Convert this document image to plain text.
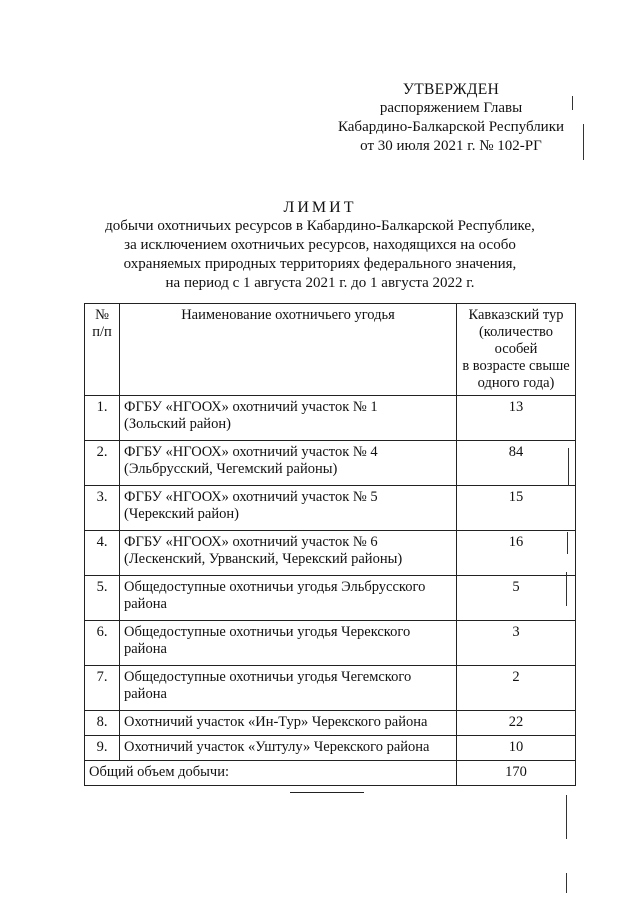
УТВЕРЖДЕН
распоряжением Главы
Кабардино-Балкарской Республики
от 30 июля 2021 г. № 102-РГ
ЛИМИТ
добычи охотничьих ресурсов в Кабардино-Балкарской Республике,
за исключением охотничьих ресурсов, находящихся на особо
охраняемых природных территориях федерального значения,
на период с 1 августа 2021 г. до 1 августа 2022 г.
№ п/п	Наименование охотничьего угодья	Кавказский тур
(количество
особей
в возрасте свыше
одного года)

1.	ФГБУ «НГООХ» охотничий участок № 1
(Зольский район)	13
2.	ФГБУ «НГООХ» охотничий участок № 4
(Эльбрусский, Чегемский районы)	84
3.	ФГБУ «НГООХ» охотничий участок № 5
(Черекский район)	15
4.	ФГБУ «НГООХ» охотничий участок № 6
(Лескенский, Урванский, Черекский районы)	16
5.	Общедоступные охотничьи угодья Эльбрусского
района	5
6.	Общедоступные охотничьи угодья Черекского
района	3
7.	Общедоступные охотничьи угодья Чегемского
района	2
8.	Охотничий участок «Ин-Тур» Черекского района	22
9.	Охотничий участок «Уштулу» Черекского района	10
Общий объем добычи:		170
